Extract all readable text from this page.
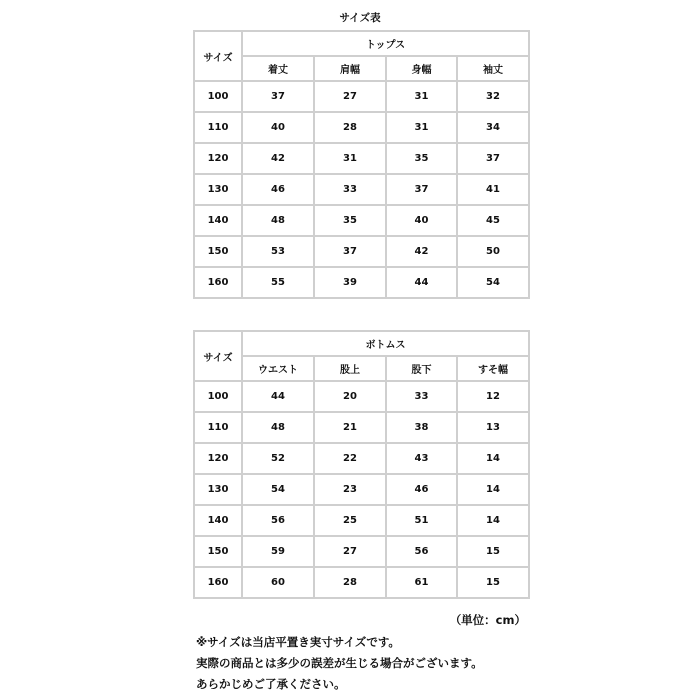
サイズ表
サイズ	トップス			
	着丈	肩幅	身幅	袖丈
100	37	27	31	32
110	40	28	31	34
120	42	31	35	37
130	46	33	37	41
140	48	35	40	45
150	53	37	42	50
160	55	39	44	54
サイズ	ボトムス			
	ウエスト	股上	股下	すそ幅
100	44	20	33	12
110	48	21	38	13
120	52	22	43	14
130	54	23	46	14
140	56	25	51	14
150	59	27	56	15
160	60	28	61	15
（単位：cm）
※サイズは当店平置き実寸サイズです。
実際の商品とは多少の誤差が生じる場合がございます。
あらかじめご了承ください。
